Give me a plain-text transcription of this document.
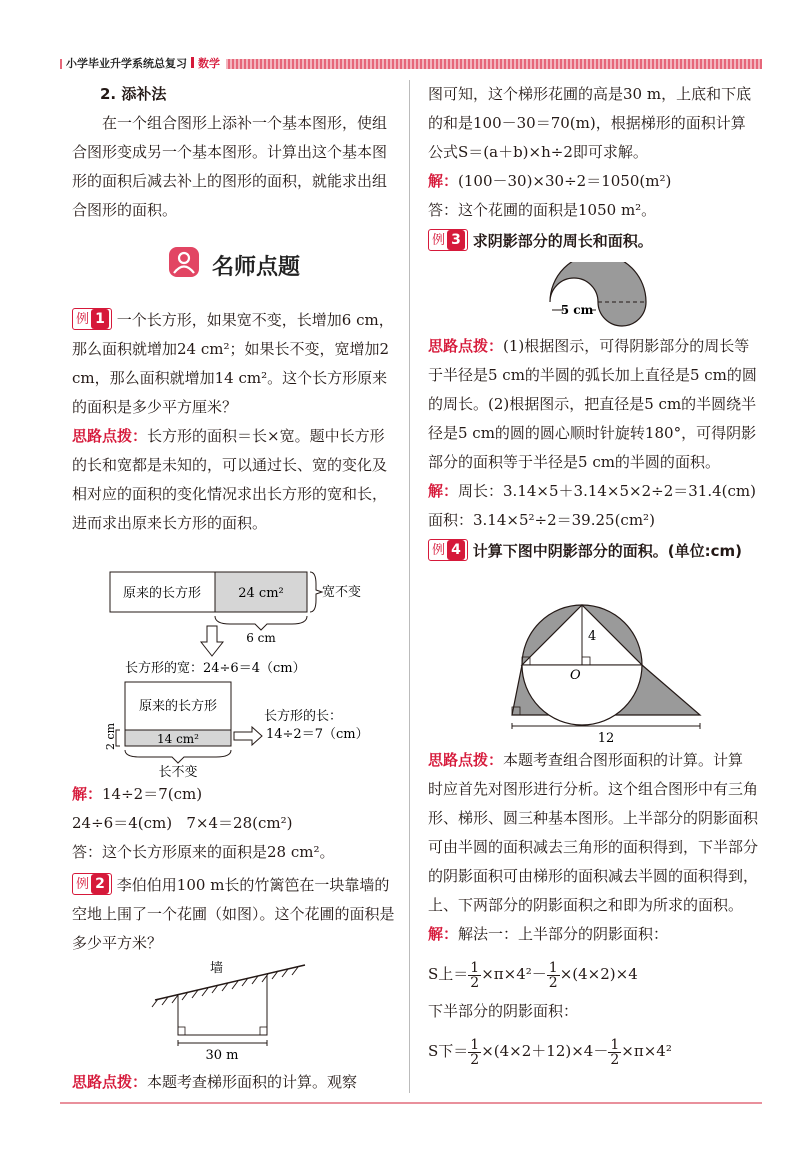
小学毕业升学系统总复习 数学

2. 添补法

在一个组合图形上添补一个基本图形，使组合图形变成另一个基本图形。计算出这个基本图形的面积后减去补上的图形的面积，就能求出组合图形的面积。

名师点题

例 1 一个长方形，如果宽不变，长增加6 cm，那么面积就增加24 cm²；如果长不变，宽增加2 cm，那么面积就增加14 cm²。这个长方形原来的面积是多少平方厘米？

思路点拨：长方形的面积＝长×宽。题中长方形的长和宽都是未知的，可以通过长、宽的变化及相对应的面积的变化情况求出长方形的宽和长，进而求出原来长方形的面积。

原来的长方形	24 cm²	宽不变
6 cm
长方形的宽：24÷6＝4（cm）
原来的长方形
14 cm²
2 cm
长不变
长方形的长：
14÷2＝7（cm）

解：14÷2＝7(cm)

24÷6＝4(cm) 7×4＝28(cm²)

答：这个长方形原来的面积是28 cm²。

例 2 李伯伯用100 m长的竹篱笆在一块靠墙的空地上围了一个花圃（如图）。这个花圃的面积是多少平方米？

墙
30 m

思路点拨：本题考查梯形面积的计算。观察

图可知，这个梯形花圃的高是30 m，上底和下底的和是100－30＝70(m)，根据梯形的面积计算公式S＝(a＋b)×h÷2即可求解。

解：(100－30)×30÷2＝1050(m²)

答：这个花圃的面积是1050 m²。

例 3 求阴影部分的周长和面积。

5 cm

思路点拨：(1)根据图示，可得阴影部分的周长等于半径是5 cm的半圆的弧长加上直径是5 cm的圆的周长。(2)根据图示，把直径是5 cm的半圆绕半径是5 cm的圆的圆心顺时针旋转180°，可得阴影部分的面积等于半径是5 cm的半圆的面积。

解：周长：3.14×5＋3.14×5×2÷2＝31.4(cm)

面积：3.14×5²÷2＝39.25(cm²)

例 4 计算下图中阴影部分的面积。(单位:cm)

4
O
12

思路点拨：本题考查组合图形面积的计算。计算时应首先对图形进行分析。这个组合图形中有三角形、梯形、圆三种基本图形。上半部分的阴影面积可由半圆的面积减去三角形的面积得到，下半部分的阴影面积可由梯形的面积减去半圆的面积得到，上、下两部分的阴影面积之和即为所求的面积。

解：解法一：上半部分的阴影面积：

S上＝ $\frac{1}{2} \times\pi\times 4^2- \frac{1}{2} \times(4\times 2)\times 4$

下半部分的阴影面积：

S下＝ $\frac{1}{2} \times(4\times 2+12)\times 4- \frac{1}{2} \times\pi\times 4^2$
